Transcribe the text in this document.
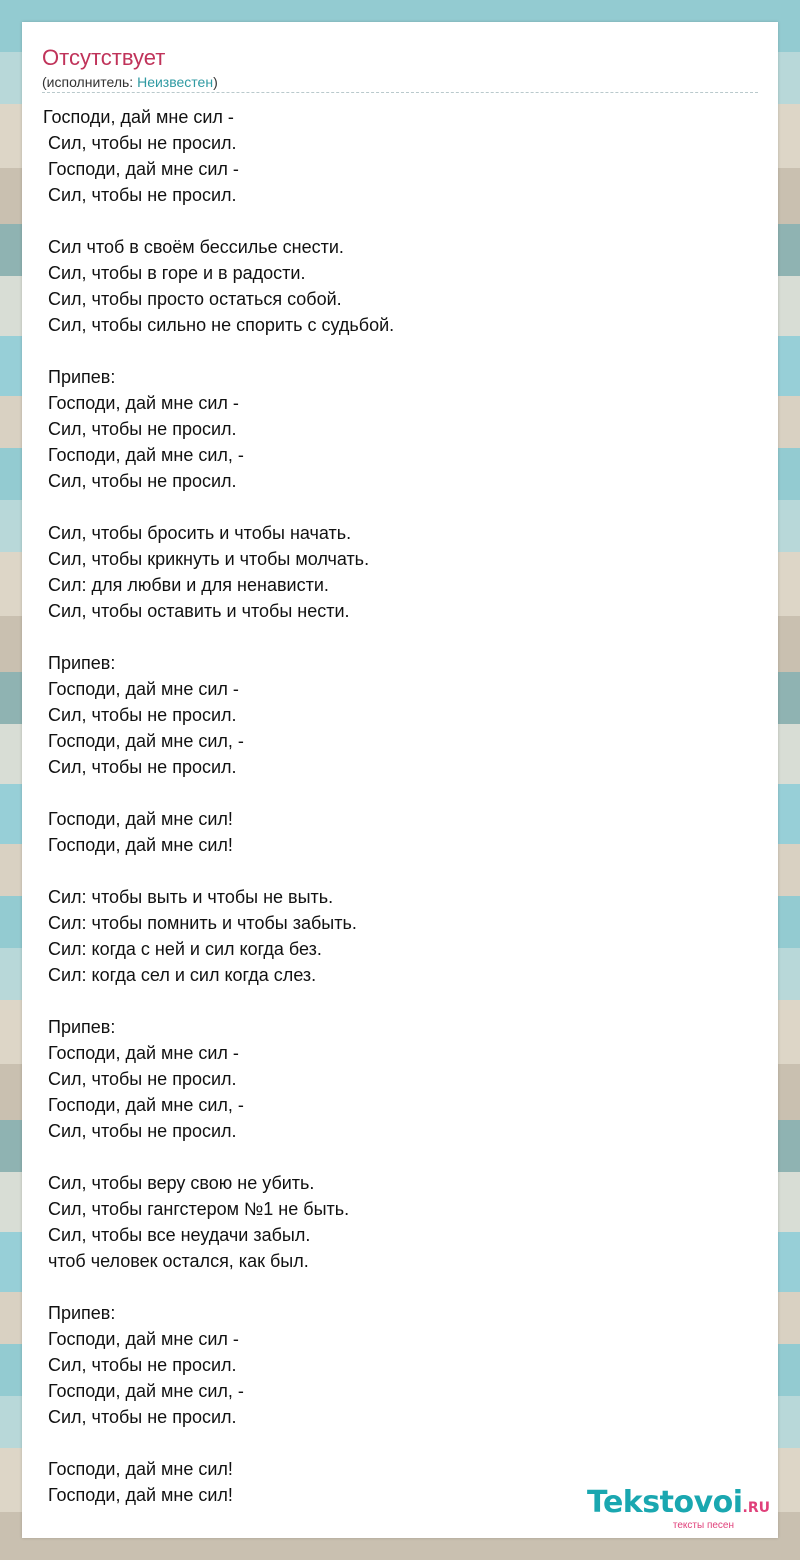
Отсутствует
(исполнитель: Неизвестен)
Господи, дай мне сил -
Сил, чтобы не просил.
Господи, дай мне сил -
Сил, чтобы не просил.
Сил чтоб в своём бессилье снести.
Сил, чтобы в горе и в радости.
Сил, чтобы просто остаться собой.
Сил, чтобы сильно не спорить с судьбой.
Припев:
Господи, дай мне сил -
Сил, чтобы не просил.
Господи, дай мне сил, -
Сил, чтобы не просил.
Сил, чтобы бросить и чтобы начать.
Сил, чтобы крикнуть и чтобы молчать.
Сил: для любви и для ненависти.
Сил, чтобы оставить и чтобы нести.
Припев:
Господи, дай мне сил -
Сил, чтобы не просил.
Господи, дай мне сил, -
Сил, чтобы не просил.
Господи, дай мне сил!
Господи, дай мне сил!
Сил: чтобы выть и чтобы не выть.
Сил: чтобы помнить и чтобы забыть.
Сил: когда с ней и сил когда без.
Сил: когда сел и сил когда слез.
Припев:
Господи, дай мне сил -
Сил, чтобы не просил.
Господи, дай мне сил, -
Сил, чтобы не просил.
Сил, чтобы веру свою не убить.
Сил, чтобы гангстером №1 не быть.
Сил, чтобы все неудачи забыл.
чтоб человек остался, как был.
Припев:
Господи, дай мне сил -
Сил, чтобы не просил.
Господи, дай мне сил, -
Сил, чтобы не просил.
Господи, дай мне сил!
Господи, дай мне сил!	Tekstovoi.RU
тексты песен
